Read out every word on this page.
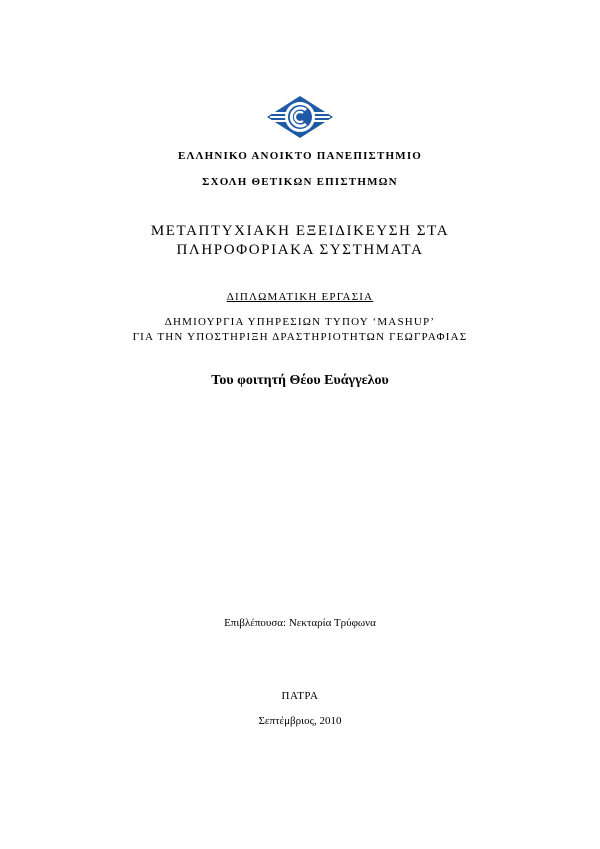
ΕΛΛΗΝΙΚΟ ΑΝΟΙΚΤΟ ΠΑΝΕΠΙΣΤΗΜΙΟ
ΣΧΟΛΗ ΘΕΤΙΚΩΝ ΕΠΙΣΤΗΜΩΝ
ΜΕΤΑΠΤΥΧΙΑΚΗ ΕΞΕΙΔΙΚΕΥΣΗ ΣΤΑ
ΠΛΗΡΟΦΟΡΙΑΚΑ ΣΥΣΤΗΜΑΤΑ
ΔΙΠΛΩΜΑΤΙΚΗ ΕΡΓΑΣΙΑ
ΔΗΜΙΟΥΡΓΙΑ ΥΠΗΡΕΣΙΩΝ ΤΥΠΟΥ ‘MASHUP’
ΓΙΑ ΤΗΝ ΥΠΟΣΤΗΡΙΞΗ ΔΡΑΣΤΗΡΙΟΤΗΤΩΝ ΓΕΩΓΡΑΦΙΑΣ
Του φοιτητή Θέου Ευάγγελου
Επιβλέπουσα: Νεκταρία Τρύφωνα
ΠΑΤΡΑ
Σεπτέμβριος, 2010
